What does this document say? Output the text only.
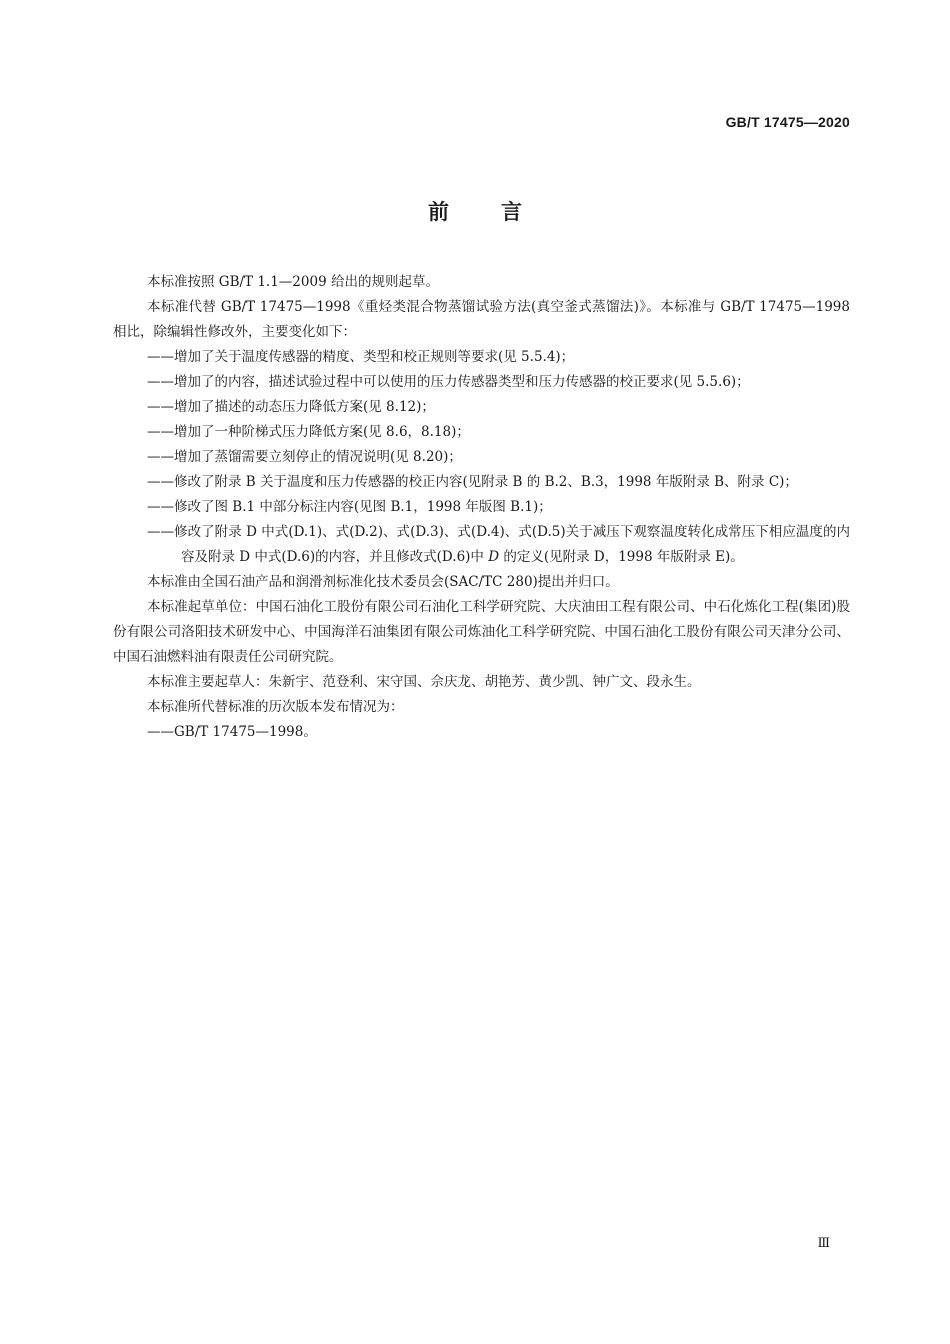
GB/T 17475—2020
前 言

本标准按照 GB/T 1.1—2009 给出的规则起草。

本标准代替 GB/T 17475—1998《重烃类混合物蒸馏试验方法(真空釜式蒸馏法)》。本标准与 GB/T 17475—1998 相比，除编辑性修改外，主要变化如下：

——增加了关于温度传感器的精度、类型和校正规则等要求(见 5.5.4)；
——增加了的内容，描述试验过程中可以使用的压力传感器类型和压力传感器的校正要求(见 5.5.6)；
——增加了描述的动态压力降低方案(见 8.12)；
——增加了一种阶梯式压力降低方案(见 8.6，8.18)；
——增加了蒸馏需要立刻停止的情况说明(见 8.20)；
——修改了附录 B 关于温度和压力传感器的校正内容(见附录 B 的 B.2、B.3，1998 年版附录 B、附录 C)；
——修改了图 B.1 中部分标注内容(见图 B.1，1998 年版图 B.1)；
——修改了附录 D 中式(D.1)、式(D.2)、式(D.3)、式(D.4)、式(D.5)关于减压下观察温度转化成常压下相应温度的内容及附录 D 中式(D.6)的内容，并且修改式(D.6)中 D 的定义(见附录 D，1998 年版附录 E)。

本标准由全国石油产品和润滑剂标准化技术委员会(SAC/TC 280)提出并归口。

本标准起草单位：中国石油化工股份有限公司石油化工科学研究院、大庆油田工程有限公司、中石化炼化工程(集团)股份有限公司洛阳技术研发中心、中国海洋石油集团有限公司炼油化工科学研究院、中国石油化工股份有限公司天津分公司、中国石油燃料油有限责任公司研究院。

本标准主要起草人：朱新宇、范登利、宋守国、佘庆龙、胡艳芳、黄少凯、钟广文、段永生。

本标准所代替标准的历次版本发布情况为：

——GB/T 17475—1998。

Ⅲ
